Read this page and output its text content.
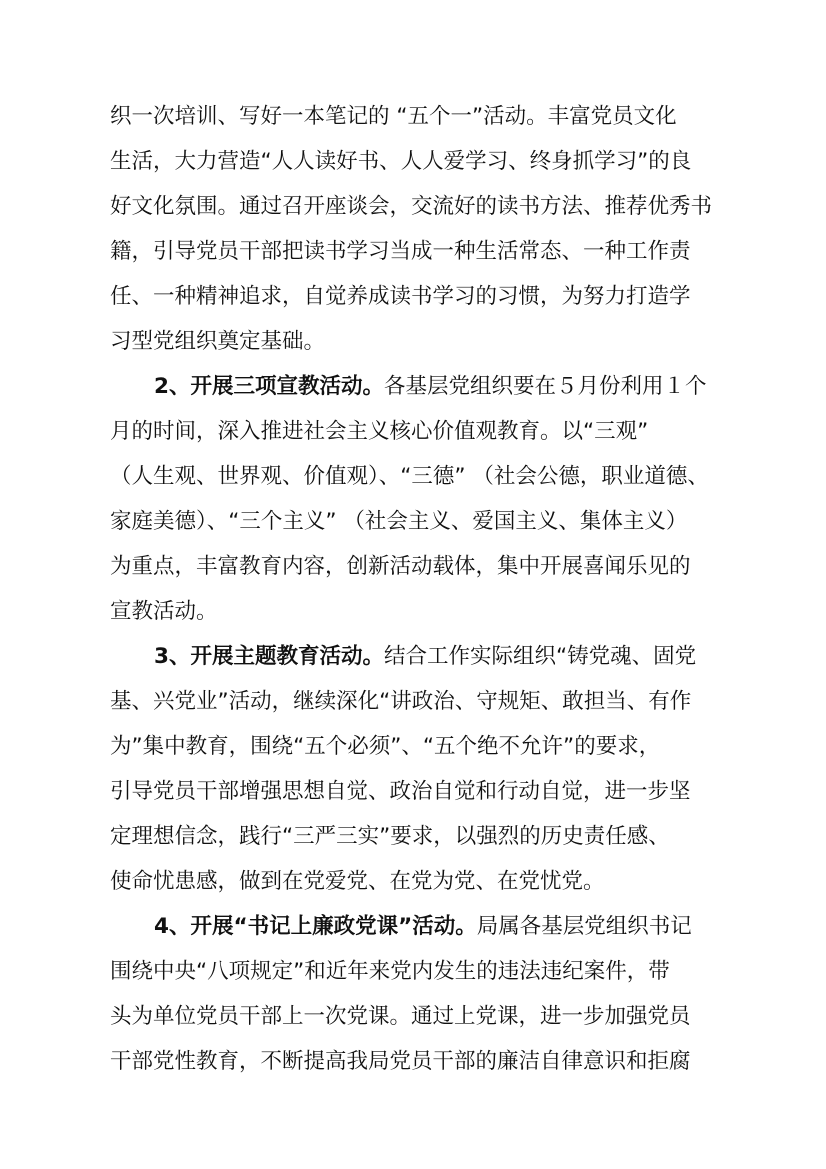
织一次培训、写好一本笔记的 “五个一”活动。丰富党员文化
生活，大力营造“人人读好书、人人爱学习、终身抓学习”的良
好文化氛围。通过召开座谈会，交流好的读书方法、推荐优秀书
籍，引导党员干部把读书学习当成一种生活常态、一种工作责
任、一种精神追求，自觉养成读书学习的习惯，为努力打造学
习型党组织奠定基础。
2、开展三项宣教活动。各基层党组织要在５月份利用１个
月的时间，深入推进社会主义核心价值观教育。以“三观”
（人生观、世界观、价值观）、“三德” （社会公德，职业道德、
家庭美德）、“三个主义” （社会主义、爱国主义、集体主义）
为重点，丰富教育内容，创新活动载体，集中开展喜闻乐见的
宣教活动。
3、开展主题教育活动。结合工作实际组织“铸党魂、固党
基、兴党业”活动，继续深化“讲政治、守规矩、敢担当、有作
为”集中教育，围绕“五个必须”、“五个绝不允许”的要求，
引导党员干部增强思想自觉、政治自觉和行动自觉，进一步坚
定理想信念，践行“三严三实”要求，以强烈的历史责任感、
使命忧患感，做到在党爱党、在党为党、在党忧党。
4、开展“书记上廉政党课”活动。局属各基层党组织书记
围绕中央“八项规定”和近年来党内发生的违法违纪案件，带
头为单位党员干部上一次党课。通过上党课，进一步加强党员
干部党性教育，不断提高我局党员干部的廉洁自律意识和拒腐
